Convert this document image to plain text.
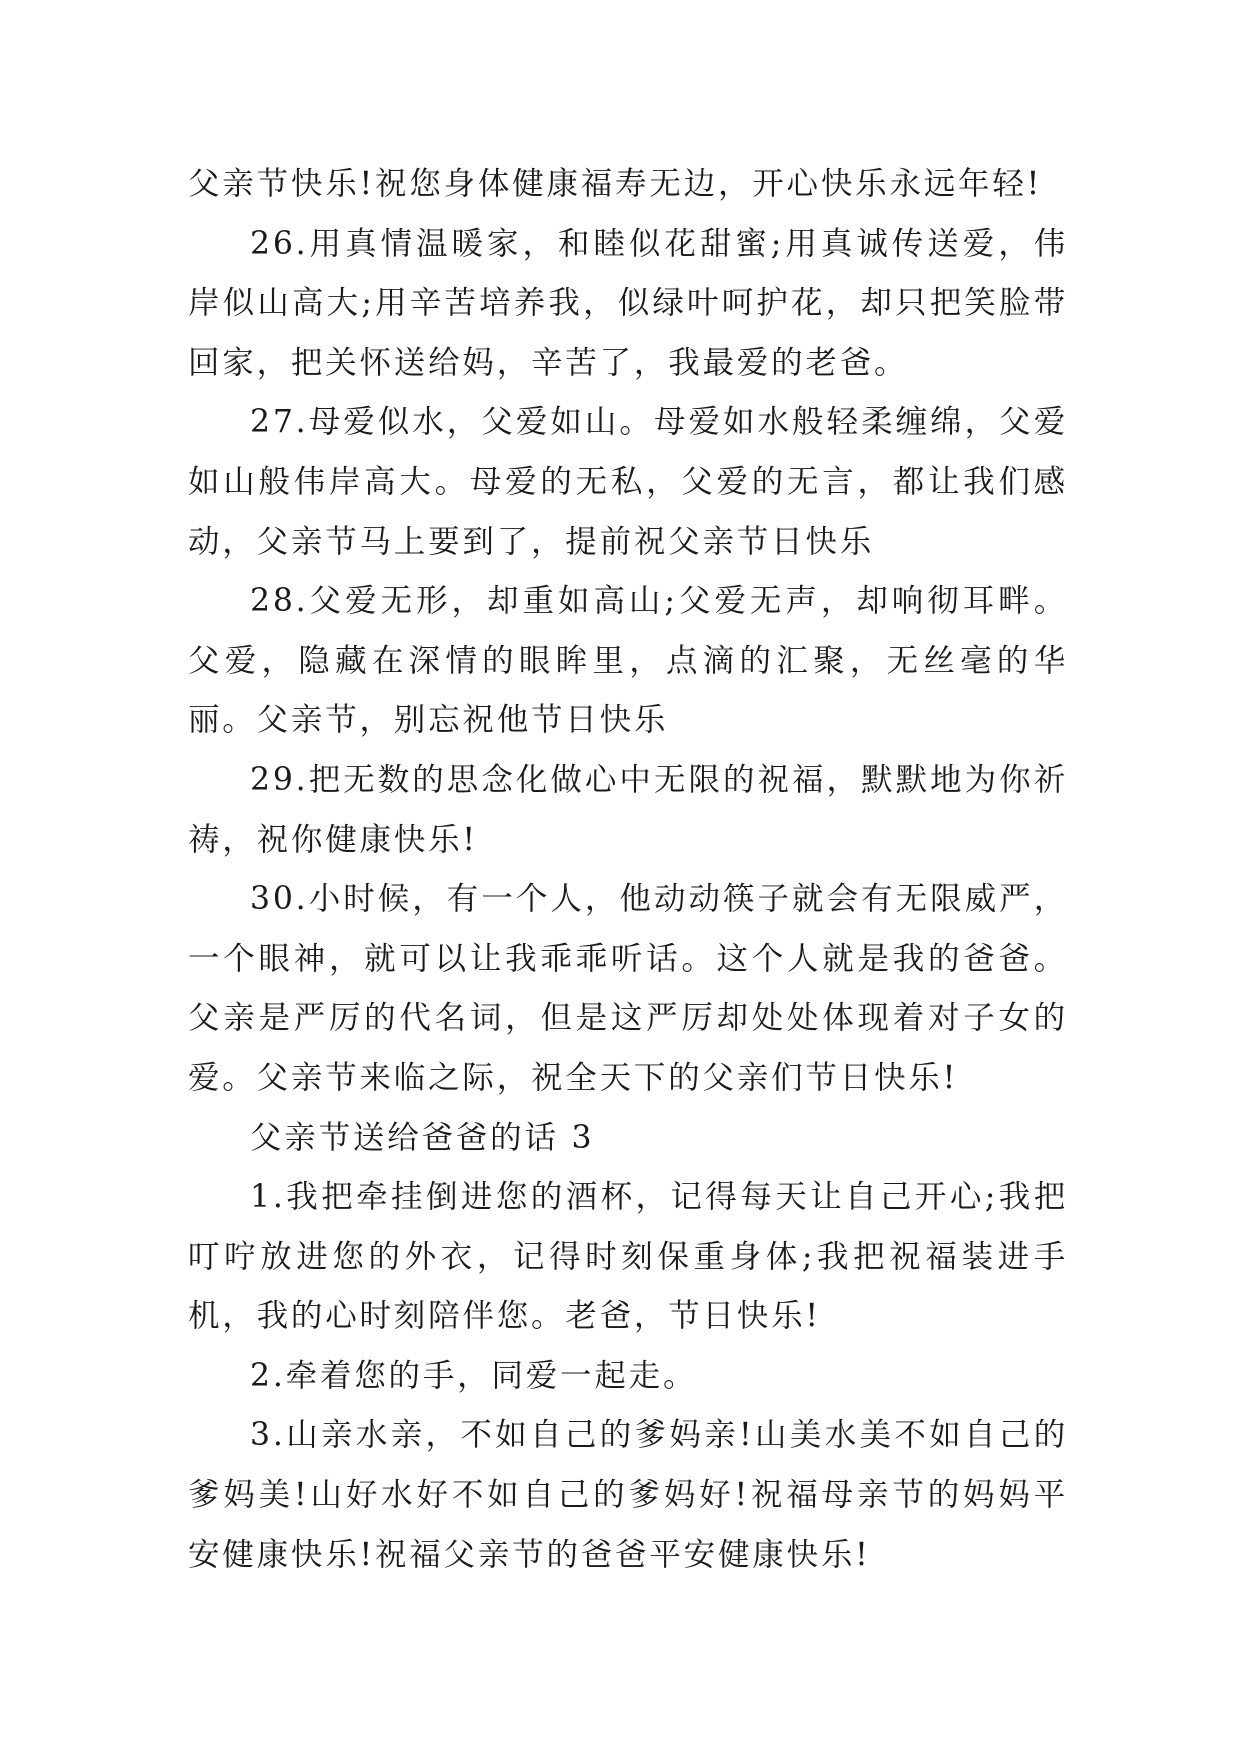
父亲节快乐!祝您身体健康福寿无边，开心快乐永远年轻!

26.用真情温暖家，和睦似花甜蜜;用真诚传送爱，伟岸似山高大;用辛苦培养我，似绿叶呵护花，却只把笑脸带回家，把关怀送给妈，辛苦了，我最爱的老爸。

27.母爱似水，父爱如山。母爱如水般轻柔缠绵，父爱如山般伟岸高大。母爱的无私，父爱的无言，都让我们感动，父亲节马上要到了，提前祝父亲节日快乐

28.父爱无形，却重如高山;父爱无声，却响彻耳畔。父爱，隐藏在深情的眼眸里，点滴的汇聚，无丝毫的华丽。父亲节，别忘祝他节日快乐

29.把无数的思念化做心中无限的祝福，默默地为你祈祷，祝你健康快乐!

30.小时候，有一个人，他动动筷子就会有无限威严，一个眼神，就可以让我乖乖听话。这个人就是我的爸爸。父亲是严厉的代名词，但是这严厉却处处体现着对子女的爱。父亲节来临之际，祝全天下的父亲们节日快乐!

父亲节送给爸爸的话 3

1.我把牵挂倒进您的酒杯，记得每天让自己开心;我把叮咛放进您的外衣，记得时刻保重身体;我把祝福装进手机，我的心时刻陪伴您。老爸，节日快乐!

2.牵着您的手，同爱一起走。

3.山亲水亲，不如自己的爹妈亲!山美水美不如自己的爹妈美!山好水好不如自己的爹妈好!祝福母亲节的妈妈平安健康快乐!祝福父亲节的爸爸平安健康快乐!
